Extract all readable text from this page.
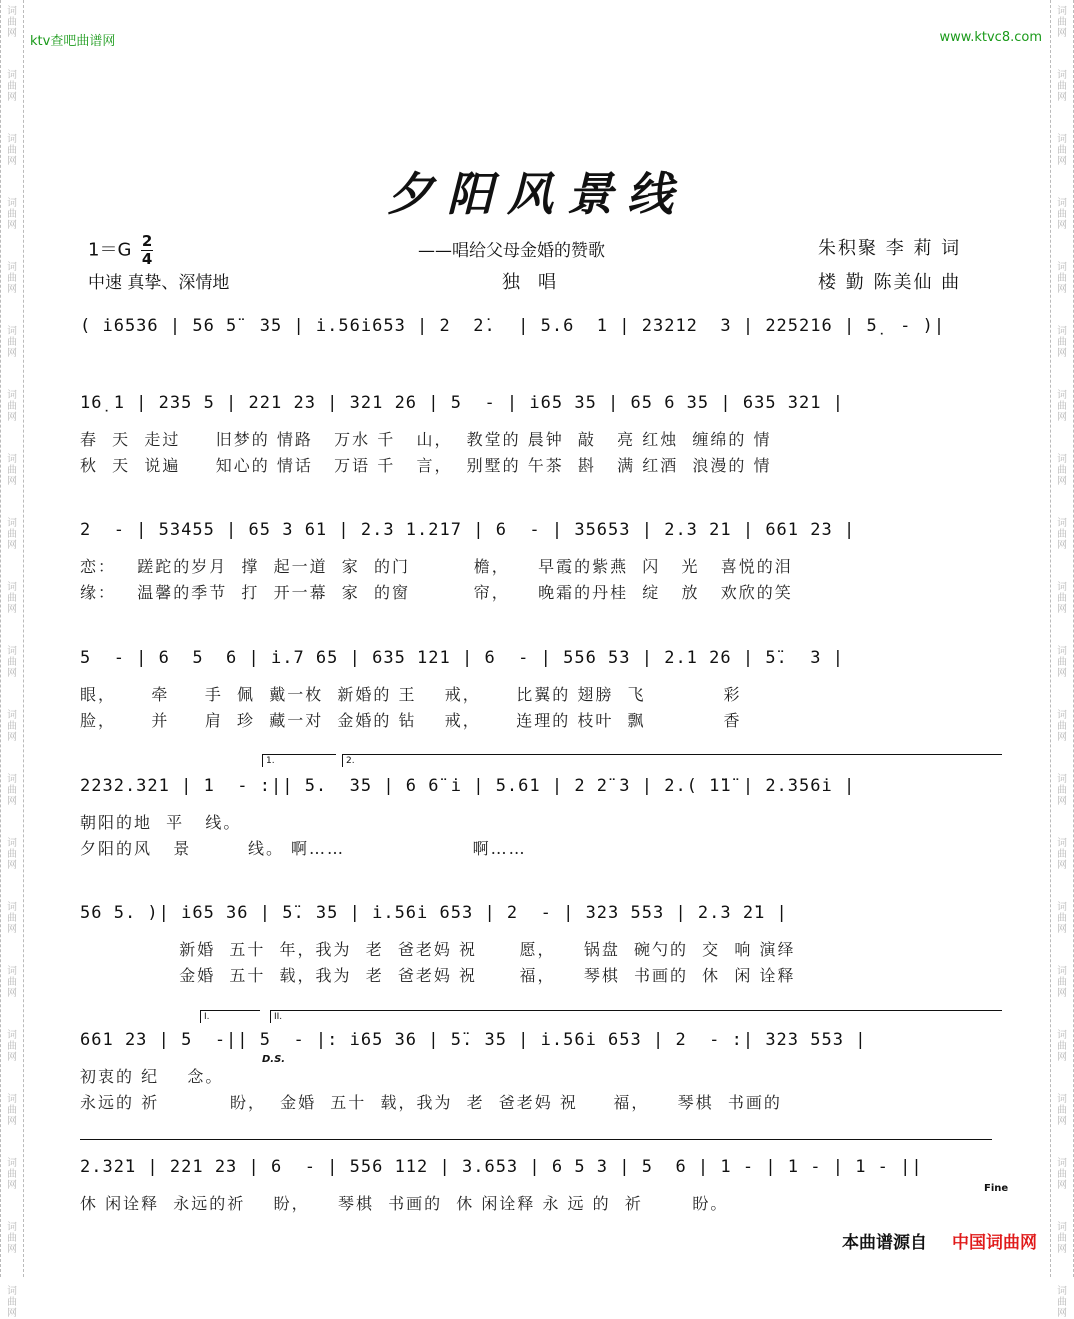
词
曲
网
词
曲
网
词
曲
网
词
曲
网
词
曲
网
词
曲
网
词
曲
网
词
曲
网
词
曲
网
词
曲
网
词
曲
网
词
曲
网
词
曲
网
词
曲
网
词
曲
网
词
曲
网
词
曲
网
词
曲
网
词
曲
网
词
曲
网
词
曲
网
词
曲
网
词
曲
网
词
曲
网
词
曲
网
词
曲
网
词
曲
网
词
曲
网
词
曲
网
词
曲
网
词
曲
网
词
曲
网
词
曲
网
词
曲
网
词
曲
网
词
曲
网
词
曲
网
词
曲
网
词
曲
网
词
曲
网
词
曲
网
词
曲
网
ktv查吧曲谱网	www.ktvc8.com
夕阳风景线
$1=G \frac{2}{4}$	——唱给父母金婚的赞歌	朱积聚 李 莉 词
中速 真挚、深情地	独唱	楼 勤 陈美仙 曲
( i̇6536 | 56 5̈  35 | i̇.56i̇653 | 2  2̇.  | 5.6  1 | 23212  3 | 225216 | 5̣  - )|
16̣ 1 | 235 5 | 221 23 | 321 26 | 5  - | i̇65 35 | 65 6 35 | 635 321 |
春  天  走过     旧梦的 情路   万水 千   山，  教堂的 晨钟  敲   亮 红烛  缠绵的 情
秋  天  说遍     知心的 情话   万语 千   言，  别墅的 午茶  斟   满 红酒  浪漫的 情
2  - | 53455 | 65 3 61 | 2.3 1.217 | 6  - | 35653 | 2.3 21 | 661 23 |
恋：   蹉跎的岁月  撑  起一道  家  的门         檐，    早霞的紫燕  闪   光   喜悦的泪
缘：   温馨的季节  打  开一幕  家  的窗         帘，    晚霜的丹桂  绽   放   欢欣的笑
5  - | 6  5  6 | i̇.7 65 | 635 121 | 6  - | 556 53 | 2.1 26 | 5̈.  3 |
眼，     牵     手  佩  戴一枚  新婚的 王    戒，     比翼的 翅膀  飞           彩
脸，     并     肩  珍  藏一对  金婚的 钻    戒，     连理的 枝叶  飘           香
1.	2.
2232.321 | 1  - :|| 5.  35 | 6 6̈ i̇ | 5.61 | 2 2̈ 3 | 2.( 1̈1̈ | 2.356i̇ |
朝阳的地  平   线。
夕阳的风   景        线。 啊……                  啊……
56 5. )| i̇65 36 | 5̈. 35 | i̇.56i̇ 653 | 2  - | 323 553 | 2.3 2̈1 |
新婚  五十  年，我为  老  爸老妈 祝      愿，    锅盘  碗勺的  交  响 演绎
金婚  五十  载，我为  老  爸老妈 祝      福，    琴棋  书画的  休  闲 诠释
I.	II.
D.S.
661 23 | 5  -|| 5  - |: i̇65 36 | 5̈. 35 | i̇.56i̇ 653 | 2  - :| 323 553 |
初衷的 纪    念。
永远的 祈          盼，  金婚  五十  载，我为  老  爸老妈 祝     福，    琴棋  书画的
2.32̈1 | 221 23 | 6  - | 556 112 | 3.653 | 6 5 3 | 5  6 | 1 - | 1 - | 1 - ||
Fine
休 闲诠释  永远的祈    盼，    琴棋  书画的  休 闲诠释 永 远 的  祈       盼。
本曲谱源自 中国词曲网
